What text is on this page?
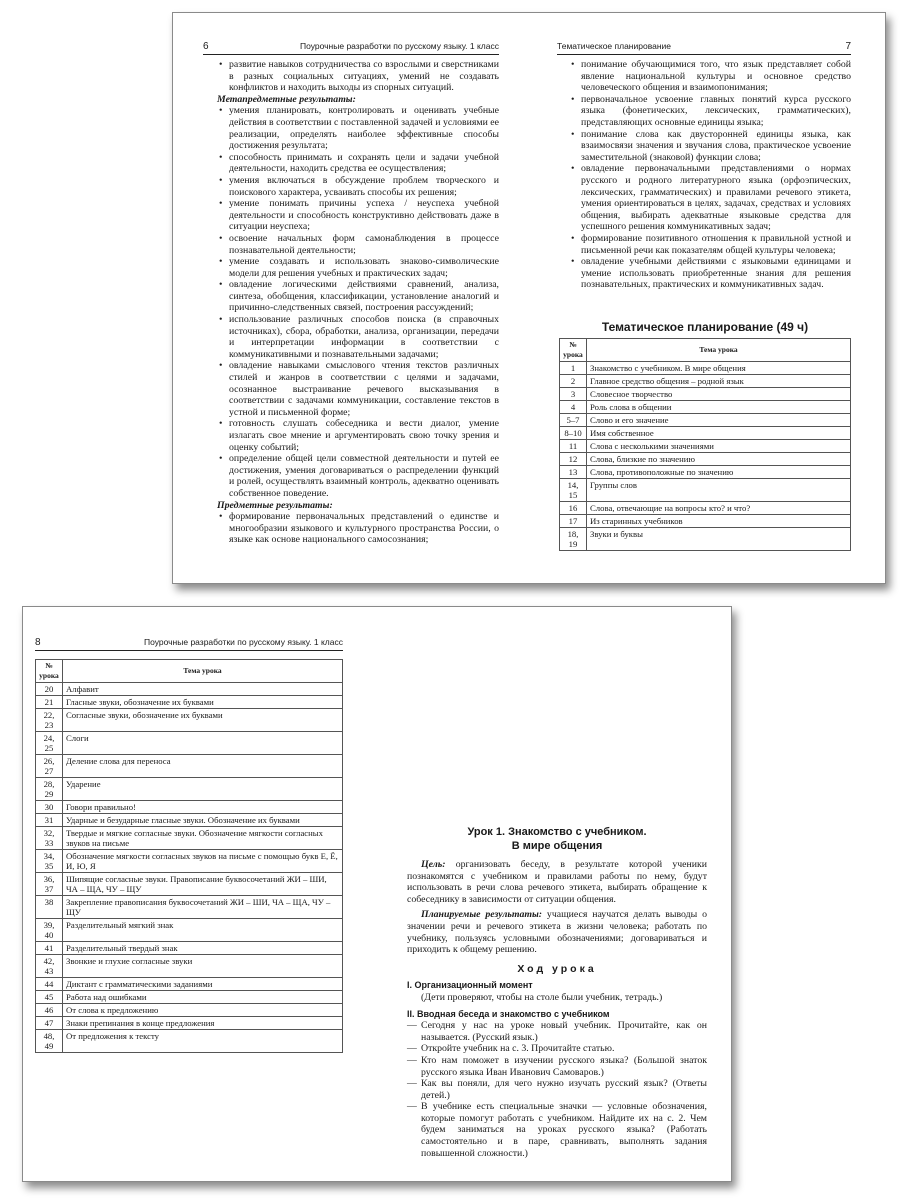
6	Поурочные разработки по русскому языку. 1 класс
• развитие навыков сотрудничества со взрослыми и сверстниками в разных социальных ситуациях, умений не создавать конфликтов и находить выходы из спорных ситуаций.
Метапредметные результаты:
• умения планировать, контролировать и оценивать учебные действия в соответствии с поставленной задачей и условиями ее реализации, определять наиболее эффективные способы достижения результата;
• способность принимать и сохранять цели и задачи учебной деятельности, находить средства ее осуществления;
• умения включаться в обсуждение проблем творческого и поискового характера, усваивать способы их решения;
• умение понимать причины успеха / неуспеха учебной деятельности и способность конструктивно действовать даже в ситуации неуспеха;
• освоение начальных форм самонаблюдения в процессе познавательной деятельности;
• умение создавать и использовать знаково-символические модели для решения учебных и практических задач;
• овладение логическими действиями сравнений, анализа, синтеза, обобщения, классификации, установление аналогий и причинно-следственных связей, построения рассуждений;
• использование различных способов поиска (в справочных источниках), сбора, обработки, анализа, организации, передачи и интерпретации информации в соответствии с коммуникативными и познавательными задачами;
• овладение навыками смыслового чтения текстов различных стилей и жанров в соответствии с целями и задачами, осознанное выстраивание речевого высказывания в соответствии с задачами коммуникации, составление текстов в устной и письменной форме;
• готовность слушать собеседника и вести диалог, умение излагать свое мнение и аргументировать свою точку зрения и оценку событий;
• определение общей цели совместной деятельности и путей ее достижения, умения договариваться о распределении функций и ролей, осуществлять взаимный контроль, адекватно оценивать собственное поведение.
Предметные результаты:
• формирование первоначальных представлений о единстве и многообразии языкового и культурного пространства России, о языке как основе национального самосознания;
Тематическое планирование	7
• понимание обучающимися того, что язык представляет собой явление национальной культуры и основное средство человеческого общения и взаимопонимания;
• первоначальное усвоение главных понятий курса русского языка (фонетических, лексических, грамматических), представляющих основные единицы языка;
• понимание слова как двусторонней единицы языка, как взаимосвязи значения и звучания слова, практическое усвоение заместительной (знаковой) функции слова;
• овладение первоначальными представлениями о нормах русского и родного литературного языка (орфоэпических, лексических, грамматических) и правилами речевого этикета, умения ориентироваться в целях, задачах, средствах и условиях общения, выбирать адекватные языковые средства для успешного решения коммуникативных задач;
• формирование позитивного отношения к правильной устной и письменной речи как показателям общей культуры человека;
• овладение учебными действиями с языковыми единицами и умение использовать приобретенные знания для решения познавательных, практических и коммуникативных задач.
Тематическое планирование (49 ч)
№ урока	Тема урока
1	Знакомство с учебником. В мире общения
2	Главное средство общения – родной язык
3	Словесное творчество
4	Роль слова в общении
5–7	Слово и его значение
8–10	Имя собственное
11	Слова с несколькими значениями
12	Слова, близкие по значению
13	Слова, противоположные по значению
14, 15	Группы слов
16	Слова, отвечающие на вопросы кто? и что?
17	Из старинных учебников
18, 19	Звуки и буквы
8	Поурочные разработки по русскому языку. 1 класс
№ урока	Тема урока
20	Алфавит
21	Гласные звуки, обозначение их буквами
22, 23	Согласные звуки, обозначение их буквами
24, 25	Слоги
26, 27	Деление слова для переноса
28, 29	Ударение
30	Говори правильно!
31	Ударные и безударные гласные звуки. Обозначение их буквами
32, 33	Твердые и мягкие согласные звуки. Обозначение мягкости согласных звуков на письме
34, 35	Обозначение мягкости согласных звуков на письме с помощью букв Е, Ё, И, Ю, Я
36, 37	Шипящие согласные звуки. Правописание буквосочетаний ЖИ – ШИ, ЧА – ЩА, ЧУ – ЩУ
38	Закрепление правописания буквосочетаний ЖИ – ШИ, ЧА – ЩА, ЧУ – ЩУ
39, 40	Разделительный мягкий знак
41	Разделительный твердый знак
42, 43	Звонкие и глухие согласные звуки
44	Диктант с грамматическими заданиями
45	Работа над ошибками
46	От слова к предложению
47	Знаки препинания в конце предложения
48, 49	От предложения к тексту
Урок 1. Знакомство с учебником.
В мире общения

Цель: организовать беседу, в результате которой ученики познакомятся с учебником и правилами работы по нему, будут использовать в речи слова речевого этикета, выбирать обращение к собеседнику в зависимости от ситуации общения.

Планируемые результаты: учащиеся научатся делать выводы о значении речи и речевого этикета в жизни человека; работать по учебнику, пользуясь условными обозначениями; договариваться и приходить к общему решению.

Ход урока
I. Организационный момент
(Дети проверяют, чтобы на столе были учебник, тетрадь.)
II. Вводная беседа и знакомство с учебником
— Сегодня у нас на уроке новый учебник. Прочитайте, как он называется. (Русский язык.)
— Откройте учебник на с. 3. Прочитайте статью.
— Кто нам поможет в изучении русского языка? (Большой знаток русского языка Иван Иванович Самоваров.)
— Как вы поняли, для чего нужно изучать русский язык? (Ответы детей.)
— В учебнике есть специальные значки — условные обозначения, которые помогут работать с учебником. Найдите их на с. 2. Чем будем заниматься на уроках русского языка? (Работать самостоятельно и в паре, сравнивать, выполнять задания повышенной сложности.)
